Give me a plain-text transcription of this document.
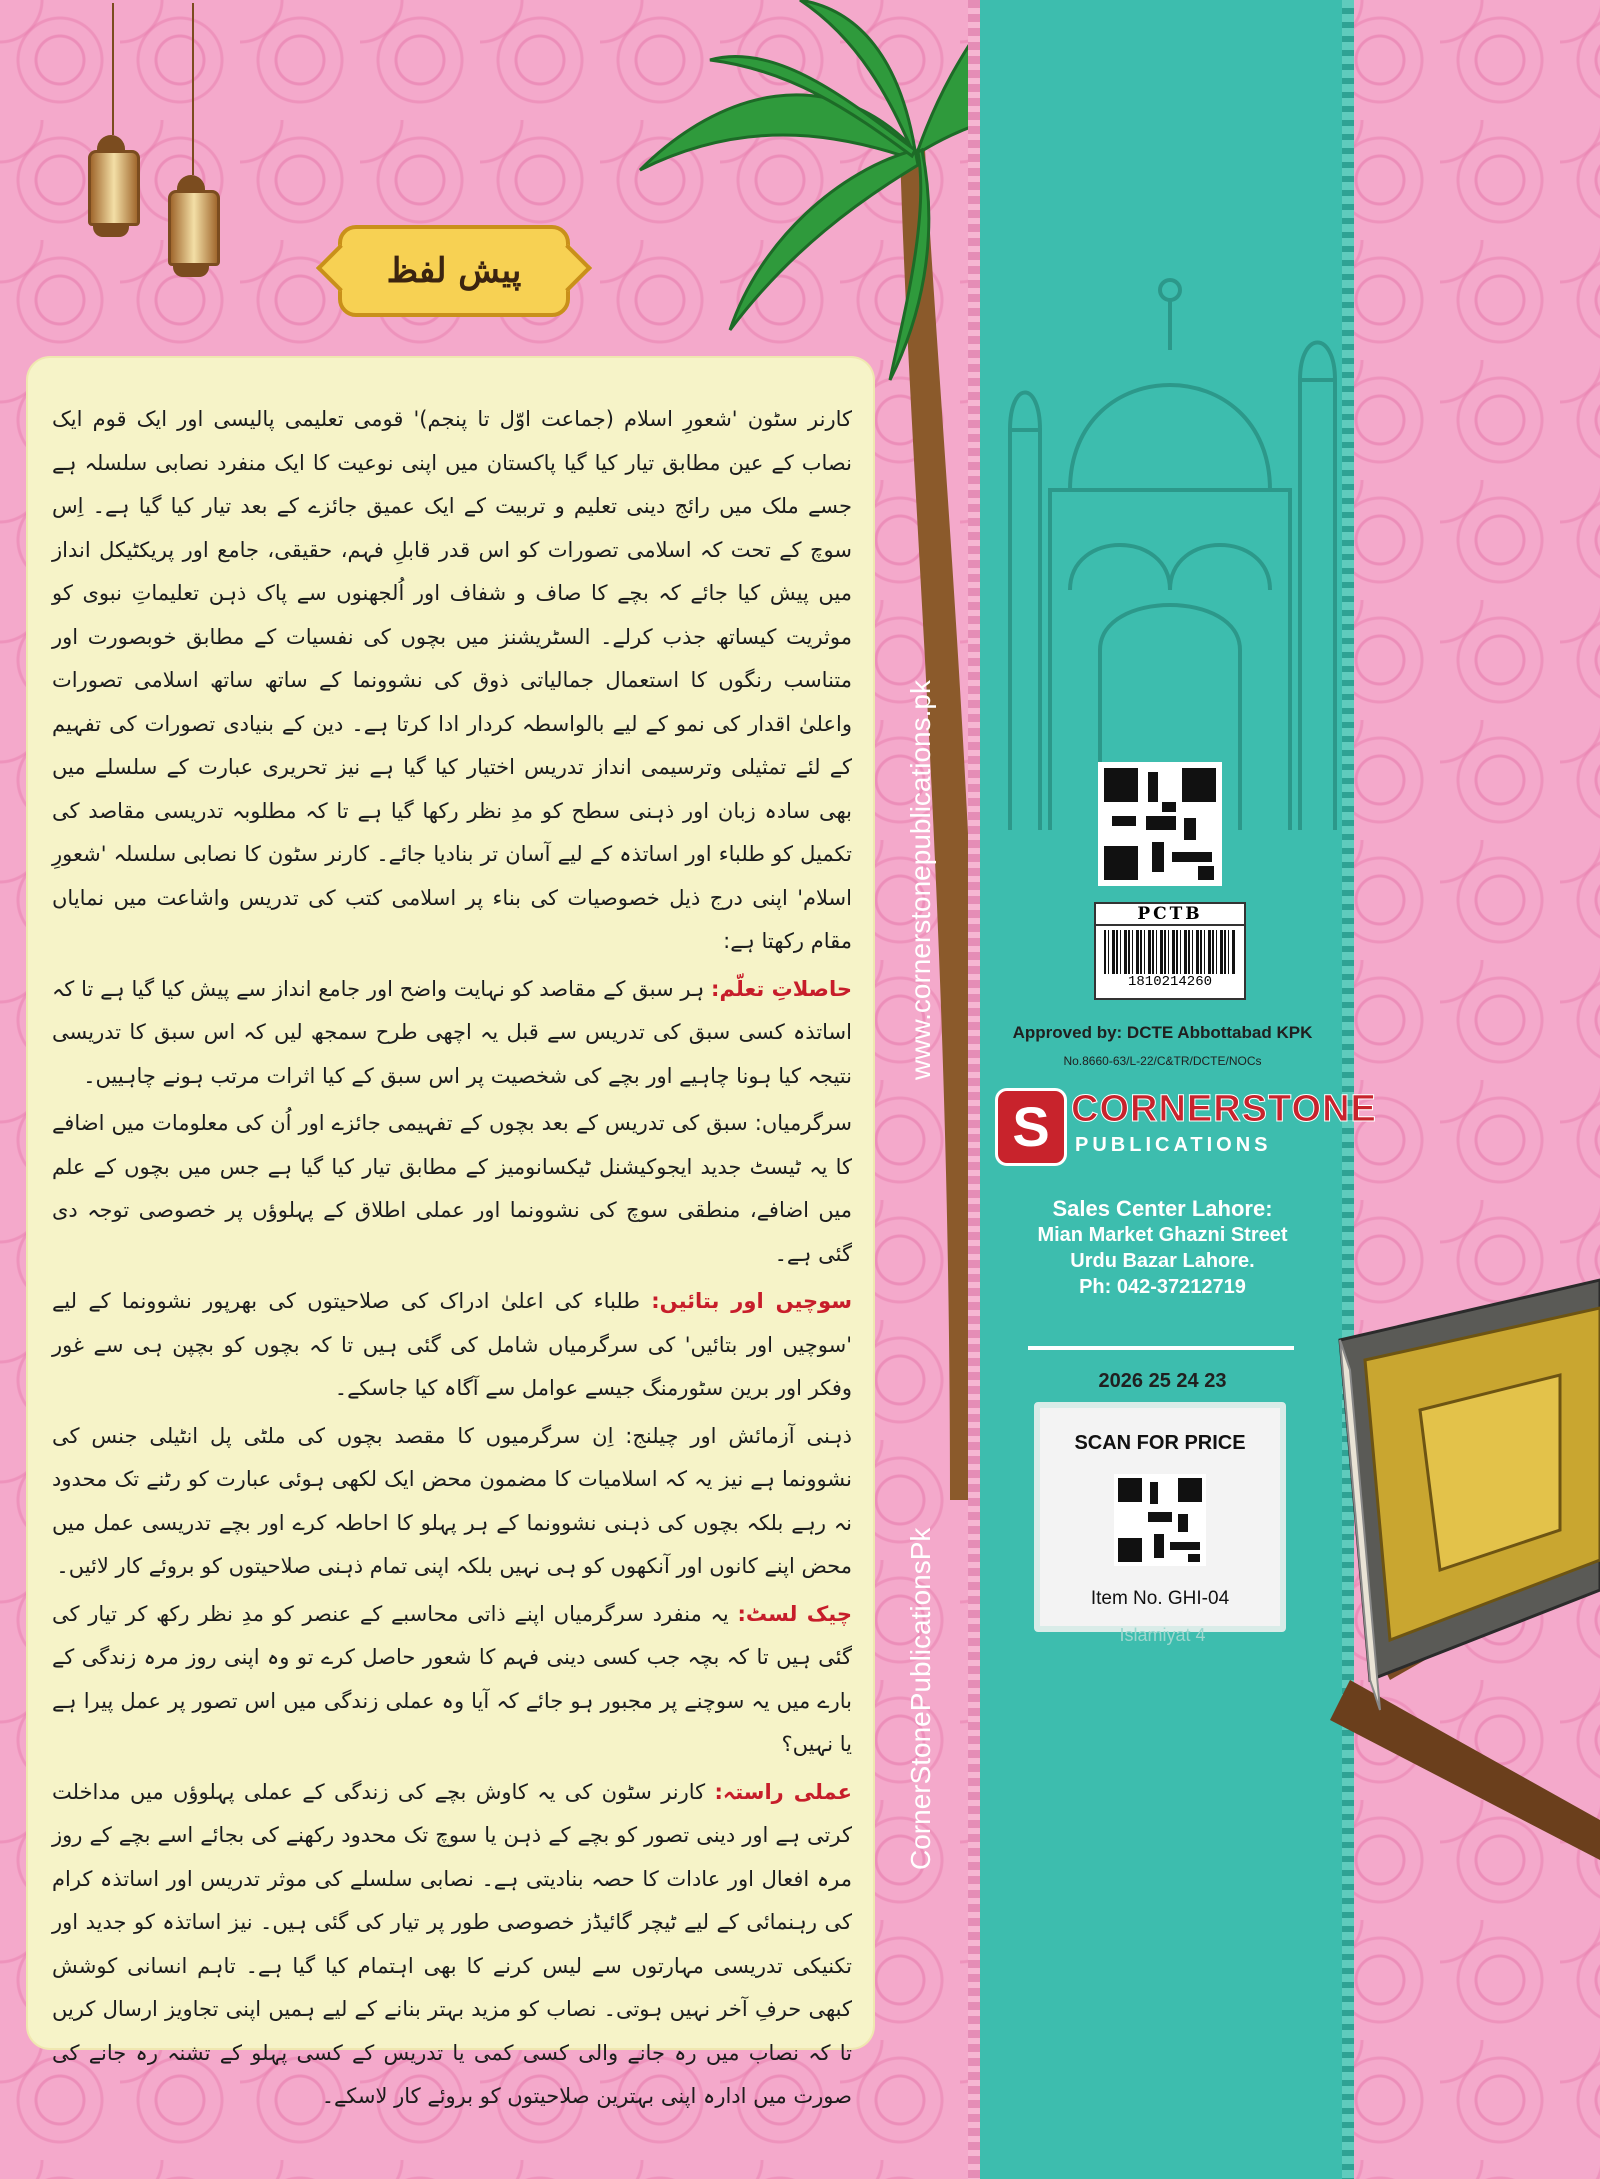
پیش لفظ

کارنر سٹون 'شعورِ اسلام (جماعت اوّل تا پنجم)' قومی تعلیمی پالیسی اور ایک قوم ایک نصاب کے عین مطابق تیار کیا گیا پاکستان میں اپنی نوعیت کا ایک منفرد نصابی سلسلہ ہے جسے ملک میں رائج دینی تعلیم و تربیت کے ایک عمیق جائزے کے بعد تیار کیا گیا ہے۔ اِس سوچ کے تحت کہ اسلامی تصورات کو اس قدر قابلِ فہم، حقیقی، جامع اور پریکٹیکل انداز میں پیش کیا جائے کہ بچے کا صاف و شفاف اور اُلجھنوں سے پاک ذہن تعلیماتِ نبوی کو موثریت کیساتھ جذب کرلے۔ السٹریشنز میں بچوں کی نفسیات کے مطابق خوبصورت اور متناسب رنگوں کا استعمال جمالیاتی ذوق کی نشوونما کے ساتھ ساتھ اسلامی تصورات واعلیٰ اقدار کی نمو کے لیے بالواسطہ کردار ادا کرتا ہے۔ دین کے بنیادی تصورات کی تفہیم کے لئے تمثیلی وترسیمی انداز تدریس اختیار کیا گیا ہے نیز تحریری عبارت کے سلسلے میں بھی سادہ زبان اور ذہنی سطح کو مدِ نظر رکھا گیا ہے تا کہ مطلوبہ تدریسی مقاصد کی تکمیل کو طلباء اور اساتذہ کے لیے آسان تر بنادیا جائے۔ کارنر سٹون کا نصابی سلسلہ 'شعورِ اسلام' اپنی درج ذیل خصوصیات کی بناء پر اسلامی کتب کی تدریس واشاعت میں نمایاں مقام رکھتا ہے:

حاصلاتِ تعلّم: ہر سبق کے مقاصد کو نہایت واضح اور جامع انداز سے پیش کیا گیا ہے تا کہ اساتذہ کسی سبق کی تدریس سے قبل یہ اچھی طرح سمجھ لیں کہ اس سبق کا تدریسی نتیجہ کیا ہونا چاہیے اور بچے کی شخصیت پر اس سبق کے کیا اثرات مرتب ہونے چاہییں۔

سرگرمیاں: سبق کی تدریس کے بعد بچوں کے تفہیمی جائزے اور اُن کی معلومات میں اضافے کا یہ ٹیسٹ جدید ایجوکیشنل ٹیکسانومیز کے مطابق تیار کیا گیا ہے جس میں بچوں کے علم میں اضافے، منطقی سوچ کی نشوونما اور عملی اطلاق کے پہلوؤں پر خصوصی توجہ دی گئی ہے۔

سوچیں اور بتائیں: طلباء کی اعلیٰ ادراک کی صلاحیتوں کی بھرپور نشوونما کے لیے 'سوچیں اور بتائیں' کی سرگرمیاں شامل کی گئی ہیں تا کہ بچوں کو بچپن ہی سے غور وفکر اور برین سٹورمنگ جیسے عوامل سے آگاہ کیا جاسکے۔

ذہنی آزمائش اور چیلنج: اِن سرگرمیوں کا مقصد بچوں کی ملٹی پل انٹیلی جنس کی نشوونما ہے نیز یہ کہ اسلامیات کا مضمون محض ایک لکھی ہوئی عبارت کو رٹنے تک محدود نہ رہے بلکہ بچوں کی ذہنی نشوونما کے ہر پہلو کا احاطہ کرے اور بچے تدریسی عمل میں محض اپنے کانوں اور آنکھوں کو ہی نہیں بلکہ اپنی تمام ذہنی صلاحیتوں کو بروئے کار لائیں۔

چیک لسٹ: یہ منفرد سرگرمیاں اپنے ذاتی محاسبے کے عنصر کو مدِ نظر رکھ کر تیار کی گئی ہیں تا کہ بچہ جب کسی دینی فہم کا شعور حاصل کرے تو وہ اپنی روز مرہ زندگی کے بارے میں یہ سوچنے پر مجبور ہو جائے کہ آیا وہ عملی زندگی میں اس تصور پر عمل پیرا ہے یا نہیں؟

عملی راستہ: کارنر سٹون کی یہ کاوش بچے کی زندگی کے عملی پہلوؤں میں مداخلت کرتی ہے اور دینی تصور کو بچے کے ذہن یا سوچ تک محدود رکھنے کی بجائے اسے بچے کے روز مرہ افعال اور عادات کا حصہ بنادیتی ہے۔ نصابی سلسلے کی موثر تدریس اور اساتذہ کرام کی رہنمائی کے لیے ٹیچر گائیڈز خصوصی طور پر تیار کی گئی ہیں۔ نیز اساتذہ کو جدید اور تکنیکی تدریسی مہارتوں سے لیس کرنے کا بھی اہتمام کیا گیا ہے۔ تاہم انسانی کوشش کبھی حرفِ آخر نہیں ہوتی۔ نصاب کو مزید بہتر بنانے کے لیے ہمیں اپنی تجاویز ارسال کریں تا کہ نصاب میں رہ جانے والی کسی کمی یا تدریس کے کسی پہلو کے تشنہ رہ جانے کی صورت میں ادارہ اپنی بہترین صلاحیتوں کو بروئے کار لاسکے۔

www.cornerstonepublications.pk
CornerStonePublicationsPk
PCTB
1810214260
Approved by: DCTE Abbottabad KPK
No.8660-63/L-22/C&TR/DCTE/NOCs
S CORNERSTONE
PUBLICATIONS
Sales Center Lahore:
Mian Market Ghazni Street
Urdu Bazar Lahore.
Ph: 042-37212719
2026 25 24 23
SCAN FOR PRICE
Item No. GHI-04
Islamiyat 4
